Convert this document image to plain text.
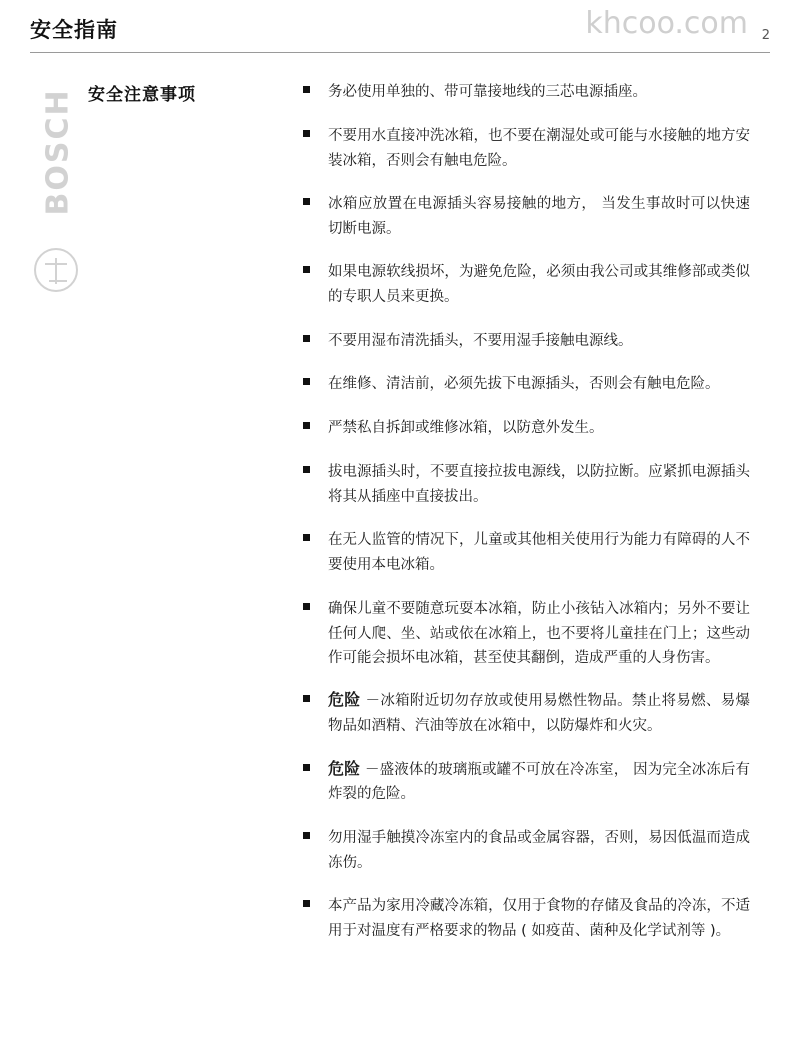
安全指南	khcoo.com 2
BOSCH 安全注意事项	务必使用单独的、带可靠接地线的三芯电源插座。
不要用水直接冲洗冰箱，也不要在潮湿处或可能与水接触的地方安装冰箱，否则会有触电危险。
冰箱应放置在电源插头容易接触的地方， 当发生事故时可以快速切断电源。
如果电源软线损坏，为避免危险，必须由我公司或其维修部或类似的专职人员来更换。
不要用湿布清洗插头，不要用湿手接触电源线。
在维修、清洁前，必须先拔下电源插头，否则会有触电危险。
严禁私自拆卸或维修冰箱，以防意外发生。
拔电源插头时，不要直接拉拔电源线，以防拉断。应紧抓电源插头将其从插座中直接拔出。
在无人监管的情况下，儿童或其他相关使用行为能力有障碍的人不要使用本电冰箱。
确保儿童不要随意玩耍本冰箱，防止小孩钻入冰箱内；另外不要让任何人爬、坐、站或依在冰箱上，也不要将儿童挂在门上；这些动作可能会损坏电冰箱，甚至使其翻倒，造成严重的人身伤害。
危险 －冰箱附近切勿存放或使用易燃性物品。禁止将易燃、易爆物品如酒精、汽油等放在冰箱中，以防爆炸和火灾。
危险 －盛液体的玻璃瓶或罐不可放在冷冻室， 因为完全冰冻后有炸裂的危险。
勿用湿手触摸冷冻室内的食品或金属容器，否则，易因低温而造成冻伤。
本产品为家用冷藏冷冻箱，仅用于食物的存储及食品的冷冻，不适用于对温度有严格要求的物品 ( 如疫苗、菌种及化学试剂等 )。
